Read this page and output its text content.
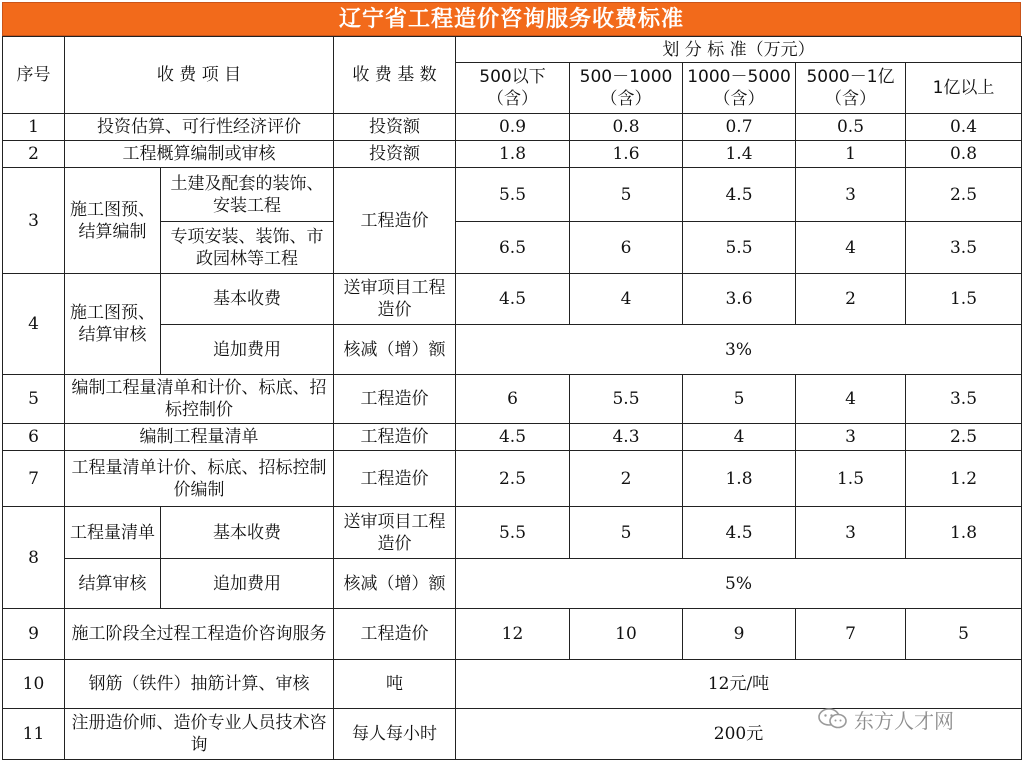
辽宁省工程造价咨询服务收费标准
序号	收 费 项 目		收 费 基 数	划 分 标 准（万元）				
				500以下（含）	500－1000（含）	1000－5000（含）	5000－1亿（含）	1亿以上
1	投资估算、可行性经济评价		投资额	0.9	0.8	0.7	0.5	0.4
2	工程概算编制或审核		投资额	1.8	1.6	1.4	1	0.8
3	施工图预、结算编制	土建及配套的装饰、安装工程	工程造价	5.5	5	4.5	3	2.5
		专项安装、装饰、市政园林等工程		6.5	6	5.5	4	3.5
4	施工图预、结算审核	基本收费	送审项目工程造价	4.5	4	3.6	2	1.5
		追加费用	核减（增）额	3%				
5	编制工程量清单和计价、标底、招标控制价		工程造价	6	5.5	5	4	3.5
6	编制工程量清单		工程造价	4.5	4.3	4	3	2.5
7	工程量清单计价、标底、招标控制价编制		工程造价	2.5	2	1.8	1.5	1.2
8	工程量清单	基本收费	送审项目工程造价	5.5	5	4.5	3	1.8
	结算审核	追加费用	核减（增）额	5%				
9	施工阶段全过程工程造价咨询服务		工程造价	12	10	9	7	5
10	钢筋（铁件）抽筋计算、审核		吨	12元/吨				
11	注册造价师、造价专业人员技术咨询		每人每小时	200元				
东方人才网
